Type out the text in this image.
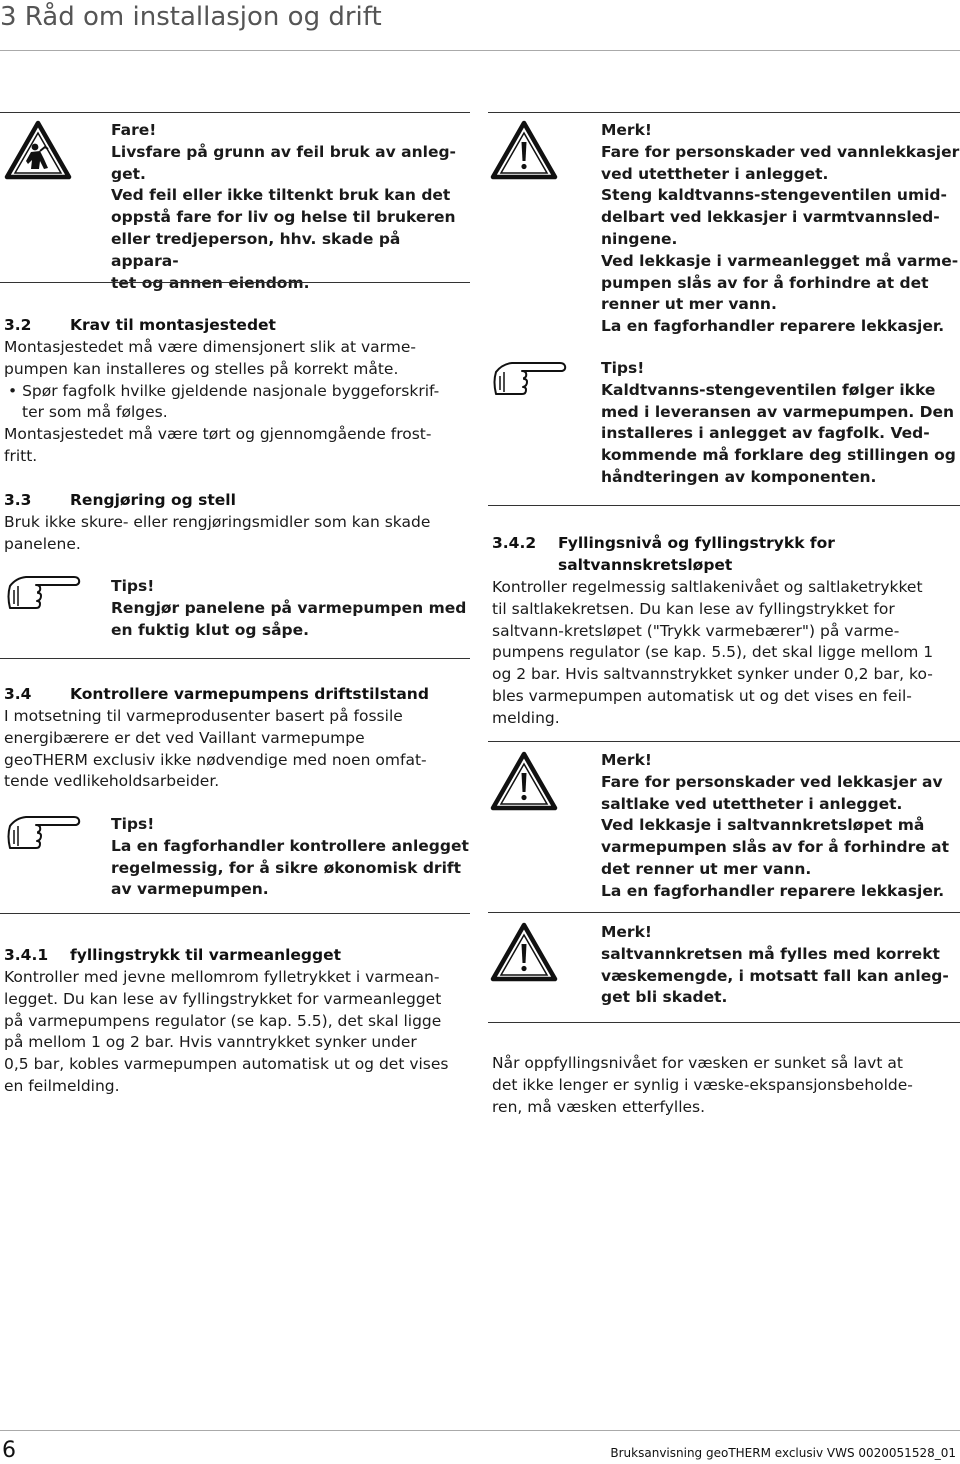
3 Råd om installasjon og drift

Fare!

Livsfare på grunn av feil bruk av anleg-

get.

Ved feil eller ikke tiltenkt bruk kan det

oppstå fare for liv og helse til brukeren

eller tredjeperson, hhv. skade på appara-

tet og annen eiendom.

3.2 Krav til montasjestedet

Montasjestedet må være dimensjonert slik at varme-

pumpen kan installeres og stelles på korrekt måte.

• Spør fagfolk hvilke gjeldende nasjonale byggeforskrif-

ter som må følges.

Montasjestedet må være tørt og gjennomgående frost-

fritt.

3.3 Rengjøring og stell

Bruk ikke skure- eller rengjøringsmidler som kan skade

panelene.

Tips!

Rengjør panelene på varmepumpen med

en fuktig klut og såpe.

3.4 Kontrollere varmepumpens driftstilstand

I motsetning til varmeprodusenter basert på fossile

energibærere er det ved Vaillant varmepumpe

geoTHERM exclusiv ikke nødvendige med noen omfat-

tende vedlikeholdsarbeider.

Tips!

La en fagforhandler kontrollere anlegget

regelmessig, for å sikre økonomisk drift

av varmepumpen.

3.4.1 fyllingstrykk til varmeanlegget

Kontroller med jevne mellomrom fylletrykket i varmean-

legget. Du kan lese av fyllingstrykket for varmeanlegget

på varmepumpens regulator (se kap. 5.5), det skal ligge

på mellom 1 og 2 bar. Hvis vanntrykket synker under

0,5 bar, kobles varmepumpen automatisk ut og det vises

en feilmelding.

Merk!

Fare for personskader ved vannlekkasjer

ved utettheter i anlegget.

Steng kaldtvanns-stengeventilen umid-

delbart ved lekkasjer i varmtvannsled-

ningene.

Ved lekkasje i varmeanlegget må varme-

pumpen slås av for å forhindre at det

renner ut mer vann.

La en fagforhandler reparere lekkasjer.

Tips!

Kaldtvanns-stengeventilen følger ikke

med i leveransen av varmepumpen. Den

installeres i anlegget av fagfolk. Ved-

kommende må forklare deg stillingen og

håndteringen av komponenten.

3.4.2 Fyllingsnivå og fyllingstrykk for
saltvannskretsløpet

Kontroller regelmessig saltlakenivået og saltlaketrykket

til saltlakekretsen. Du kan lese av fyllingstrykket for

saltvann-kretsløpet ("Trykk varmebærer") på varme-

pumpens regulator (se kap. 5.5), det skal ligge mellom 1

og 2 bar. Hvis saltvannstrykket synker under 0,2 bar, ko-

bles varmepumpen automatisk ut og det vises en feil-

melding.

Merk!

Fare for personskader ved lekkasjer av

saltlake ved utettheter i anlegget.

Ved lekkasje i saltvannkretsløpet må

varmepumpen slås av for å forhindre at

det renner ut mer vann.

La en fagforhandler reparere lekkasjer.

Merk!

saltvannkretsen må fylles med korrekt

væskemengde, i motsatt fall kan anleg-

get bli skadet.

Når oppfyllingsnivået for væsken er sunket så lavt at

det ikke lenger er synlig i væske-ekspansjonsbeholde-

ren, må væsken etterfylles.

6	Bruksanvisning geoTHERM exclusiv VWS 0020051528_01
